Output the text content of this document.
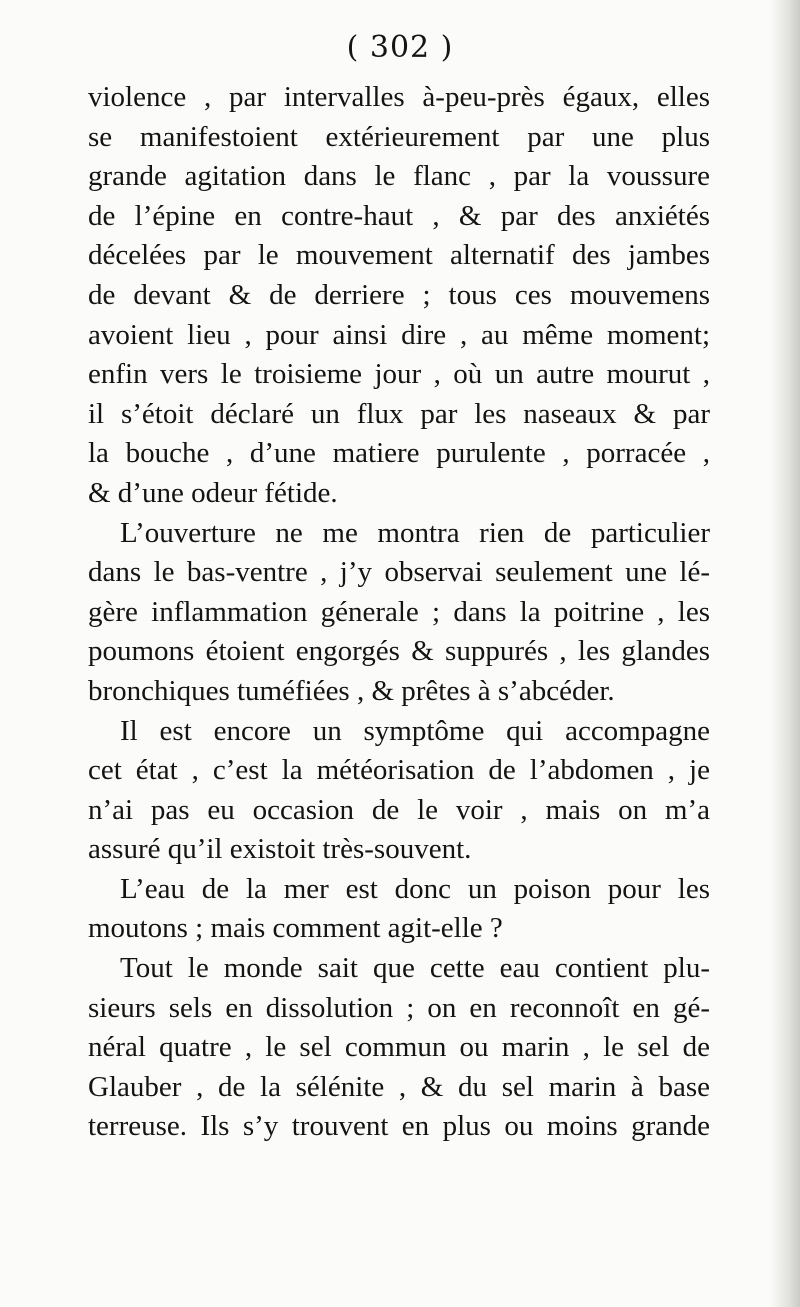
( 302 )
violence , par intervalles à-peu-près égaux, elles
se manifestoient extérieurement par une plus
grande agitation dans le flanc , par la voussure
de l’épine en contre-haut , & par des anxiétés
décelées par le mouvement alternatif des jambes
de devant & de derriere ; tous ces mouvemens
avoient lieu , pour ainsi dire , au même moment;
enfin vers le troisieme jour , où un autre mourut ,
il s’étoit déclaré un flux par les naseaux & par
la bouche , d’une matiere purulente , porracée ,
& d’une odeur fétide.
L’ouverture ne me montra rien de particulier
dans le bas-ventre , j’y observai seulement une lé-
gère inflammation génerale ; dans la poitrine , les
poumons étoient engorgés & suppurés , les glandes
bronchiques tuméfiées , & prêtes à s’abcéder.
Il est encore un symptôme qui accompagne
cet état , c’est la météorisation de l’abdomen , je
n’ai pas eu occasion de le voir , mais on m’a
assuré qu’il existoit très-souvent.
L’eau de la mer est donc un poison pour les
moutons ; mais comment agit-elle ?
Tout le monde sait que cette eau contient plu-
sieurs sels en dissolution ; on en reconnoît en gé-
néral quatre , le sel commun ou marin , le sel de
Glauber , de la sélénite , & du sel marin à base
terreuse. Ils s’y trouvent en plus ou moins grande
